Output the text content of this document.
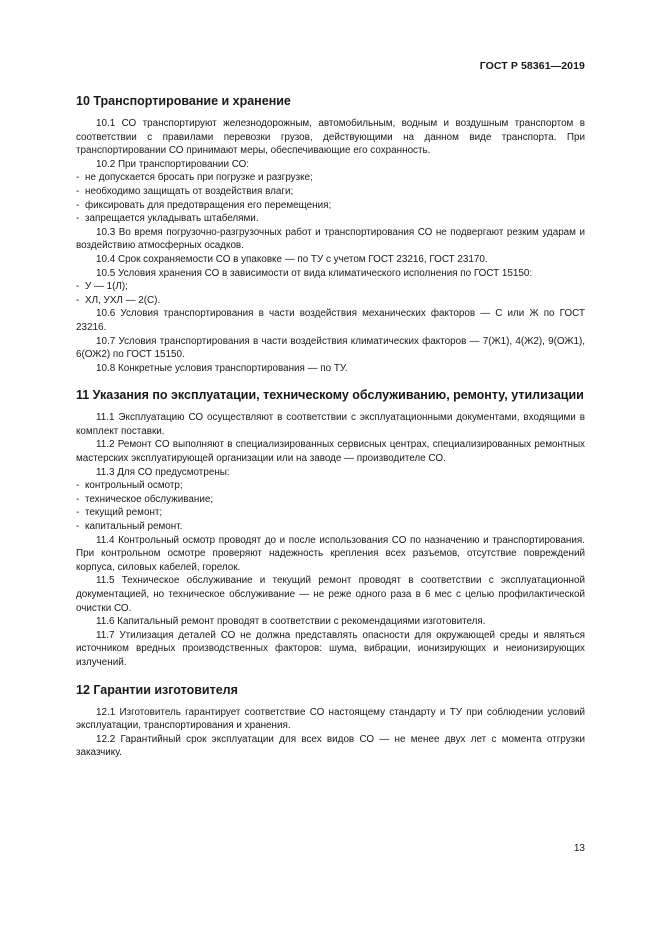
ГОСТ Р 58361—2019
10 Транспортирование и хранение
10.1 СО транспортируют железнодорожным, автомобильным, водным и воздушным транспортом в соответствии с правилами перевозки грузов, действующими на данном виде транспорта. При транспортировании СО принимают меры, обеспечивающие его сохранность.
10.2 При транспортировании СО:
- не допускается бросать при погрузке и разгрузке;
- необходимо защищать от воздействия влаги;
- фиксировать для предотвращения его перемещения;
- запрещается укладывать штабелями.
10.3 Во время погрузочно-разгрузочных работ и транспортирования СО не подвергают резким ударам и воздействию атмосферных осадков.
10.4 Срок сохраняемости СО в упаковке — по ТУ с учетом ГОСТ 23216, ГОСТ 23170.
10.5 Условия хранения СО в зависимости от вида климатического исполнения по ГОСТ 15150:
- У — 1(Л);
- ХЛ, УХЛ — 2(С).
10.6 Условия транспортирования в части воздействия механических факторов — С или Ж по ГОСТ 23216.
10.7 Условия транспортирования в части воздействия климатических факторов — 7(Ж1), 4(Ж2), 9(ОЖ1), 6(ОЖ2) по ГОСТ 15150.
10.8 Конкретные условия транспортирования — по ТУ.
11 Указания по эксплуатации, техническому обслуживанию, ремонту, утилизации
11.1 Эксплуатацию СО осуществляют в соответствии с эксплуатационными документами, входящими в комплект поставки.
11.2 Ремонт СО выполняют в специализированных сервисных центрах, специализированных ремонтных мастерских эксплуатирующей организации или на заводе — производителе СО.
11.3 Для СО предусмотрены:
- контрольный осмотр;
- техническое обслуживание;
- текущий ремонт;
- капитальный ремонт.
11.4 Контрольный осмотр проводят до и после использования СО по назначению и транспортирования. При контрольном осмотре проверяют надежность крепления всех разъемов, отсутствие повреждений корпуса, силовых кабелей, горелок.
11.5 Техническое обслуживание и текущий ремонт проводят в соответствии с эксплуатационной документацией, но техническое обслуживание — не реже одного раза в 6 мес с целью профилактической очистки СО.
11.6 Капитальный ремонт проводят в соответствии с рекомендациями изготовителя.
11.7 Утилизация деталей СО не должна представлять опасности для окружающей среды и являться источником вредных производственных факторов: шума, вибрации, ионизирующих и неионизирующих излучений.
12 Гарантии изготовителя
12.1 Изготовитель гарантирует соответствие СО настоящему стандарту и ТУ при соблюдении условий эксплуатации, транспортирования и хранения.
12.2 Гарантийный срок эксплуатации для всех видов СО — не менее двух лет с момента отгрузки заказчику.
13
